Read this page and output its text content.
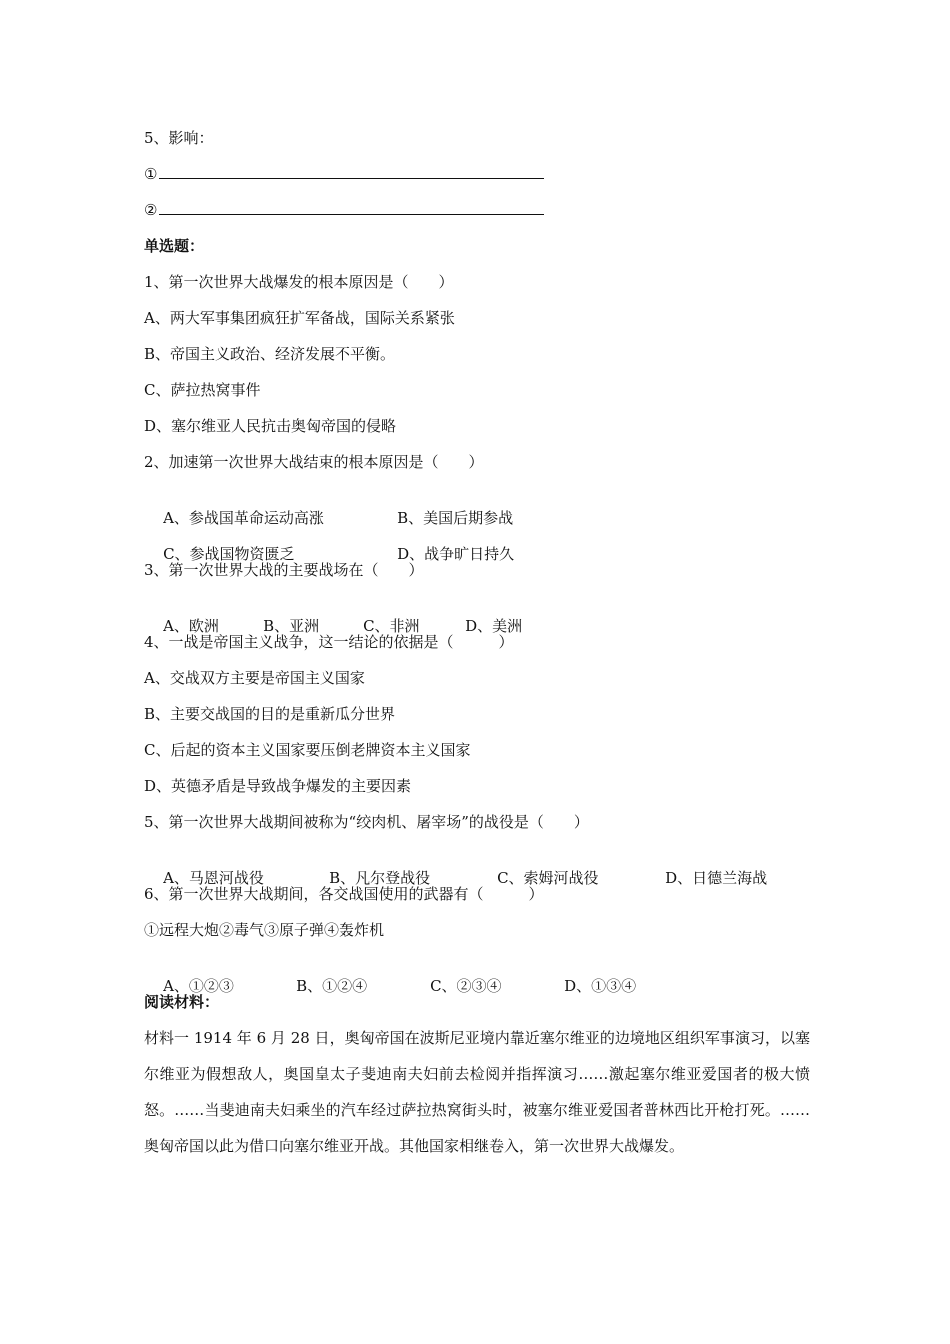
5、影响：
①
②
单选题：
1、第一次世界大战爆发的根本原因是（　　）
A、两大军事集团疯狂扩军备战，国际关系紧张
B、帝国主义政治、经济发展不平衡。
C、萨拉热窝事件
D、塞尔维亚人民抗击奥匈帝国的侵略
2、加速第一次世界大战结束的根本原因是（　　）

A、参战国革命运动高涨	B、美国后期参战

C、参战国物资匮乏	D、战争旷日持久

3、第一次世界大战的主要战场在（　　）

A、欧洲	B、亚洲	C、非洲	D、美洲

4、一战是帝国主义战争，这一结论的依据是（　　　）
A、交战双方主要是帝国主义国家
B、主要交战国的目的是重新瓜分世界
C、后起的资本主义国家要压倒老牌资本主义国家
D、英德矛盾是导致战争爆发的主要因素
5、第一次世界大战期间被称为“绞肉机、屠宰场”的战役是（　　）

A、马恩河战役	B、凡尔登战役	C、索姆河战役	D、日德兰海战

6、第一次世界大战期间，各交战国使用的武器有（　　　）
①远程大炮②毒气③原子弹④轰炸机

A、①②③	B、①②④	C、②③④	D、①③④

阅读材料：
材料一 1914 年 6 月 28 日，奥匈帝国在波斯尼亚境内靠近塞尔维亚的边境地区组织军事演习，以塞尔维亚为假想敌人，奥国皇太子斐迪南夫妇前去检阅并指挥演习……激起塞尔维亚爱国者的极大愤怒。……当斐迪南夫妇乘坐的汽车经过萨拉热窝街头时，被塞尔维亚爱国者普林西比开枪打死。……奥匈帝国以此为借口向塞尔维亚开战。其他国家相继卷入，第一次世界大战爆发。
